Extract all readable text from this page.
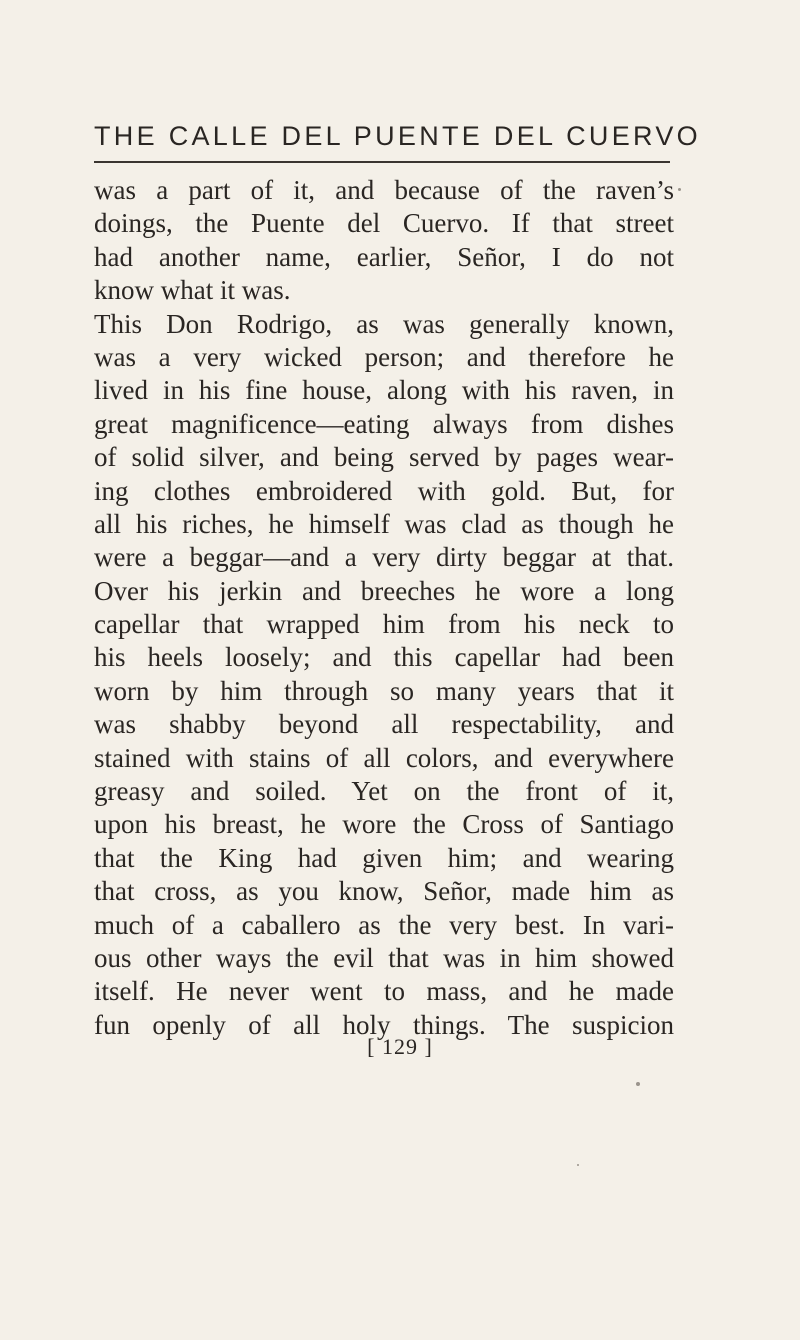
THE CALLE DEL PUENTE DEL CUERVO
was a part of it, and because of the raven’s
doings, the Puente del Cuervo. If that street
had another name, earlier, Señor, I do not
know what it was.
This Don Rodrigo, as was generally known,
was a very wicked person; and therefore he
lived in his fine house, along with his raven, in
great magnificence—eating always from dishes
of solid silver, and being served by pages wear-
ing clothes embroidered with gold. But, for
all his riches, he himself was clad as though he
were a beggar—and a very dirty beggar at that.
Over his jerkin and breeches he wore a long
capellar that wrapped him from his neck to
his heels loosely; and this capellar had been
worn by him through so many years that it
was shabby beyond all respectability, and
stained with stains of all colors, and everywhere
greasy and soiled. Yet on the front of it,
upon his breast, he wore the Cross of Santiago
that the King had given him; and wearing
that cross, as you know, Señor, made him as
much of a caballero as the very best. In vari-
ous other ways the evil that was in him showed
itself. He never went to mass, and he made
fun openly of all holy things. The suspicion
[ 129 ]
